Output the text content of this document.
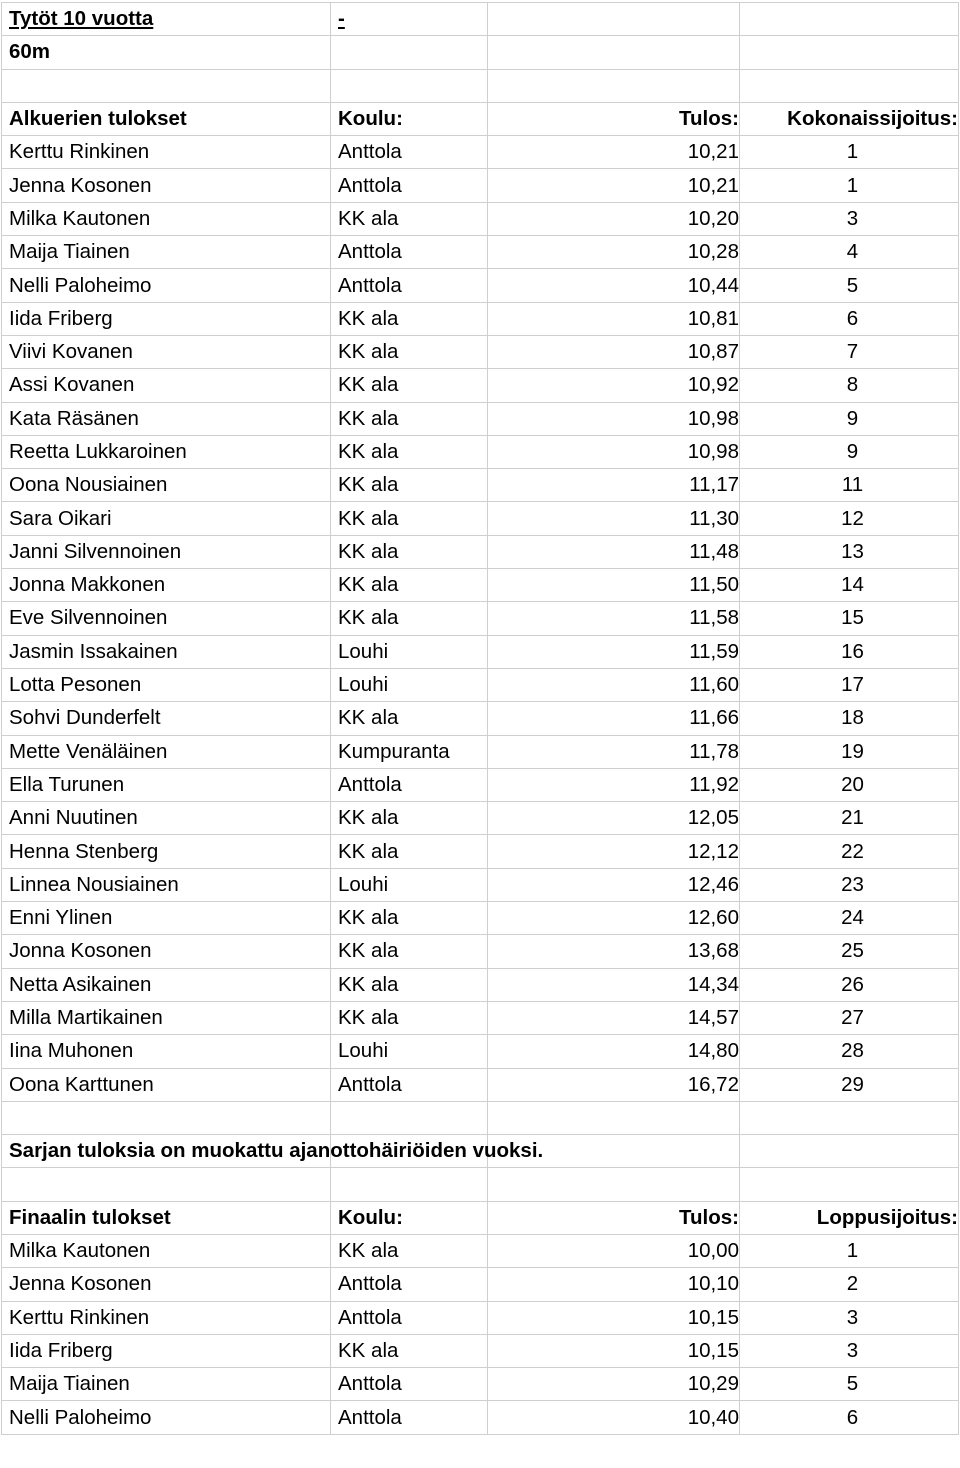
Tytöt 10 vuotta	-		
60m			

Alkuerien tulokset	Koulu:	Tulos:	Kokonaissijoitus:
Kerttu Rinkinen	Anttola	10,21	1
Jenna Kosonen	Anttola	10,21	1
Milka Kautonen	KK ala	10,20	3
Maija Tiainen	Anttola	10,28	4
Nelli Paloheimo	Anttola	10,44	5
Iida Friberg	KK ala	10,81	6
Viivi Kovanen	KK ala	10,87	7
Assi Kovanen	KK ala	10,92	8
Kata Räsänen	KK ala	10,98	9
Reetta Lukkaroinen	KK ala	10,98	9
Oona Nousiainen	KK ala	11,17	11
Sara Oikari	KK ala	11,30	12
Janni Silvennoinen	KK ala	11,48	13
Jonna Makkonen	KK ala	11,50	14
Eve Silvennoinen	KK ala	11,58	15
Jasmin Issakainen	Louhi	11,59	16
Lotta Pesonen	Louhi	11,60	17
Sohvi Dunderfelt	KK ala	11,66	18
Mette Venäläinen	Kumpuranta	11,78	19
Ella Turunen	Anttola	11,92	20
Anni Nuutinen	KK ala	12,05	21
Henna Stenberg	KK ala	12,12	22
Linnea Nousiainen	Louhi	12,46	23
Enni Ylinen	KK ala	12,60	24
Jonna Kosonen	KK ala	13,68	25
Netta Asikainen	KK ala	14,34	26
Milla Martikainen	KK ala	14,57	27
Iina Muhonen	Louhi	14,80	28
Oona Karttunen	Anttola	16,72	29

Sarjan tuloksia on muokattu ajanottohäiriöiden vuoksi.			

Finaalin tulokset	Koulu:	Tulos:	Loppusijoitus:
Milka Kautonen	KK ala	10,00	1
Jenna Kosonen	Anttola	10,10	2
Kerttu Rinkinen	Anttola	10,15	3
Iida Friberg	KK ala	10,15	3
Maija Tiainen	Anttola	10,29	5
Nelli Paloheimo	Anttola	10,40	6
